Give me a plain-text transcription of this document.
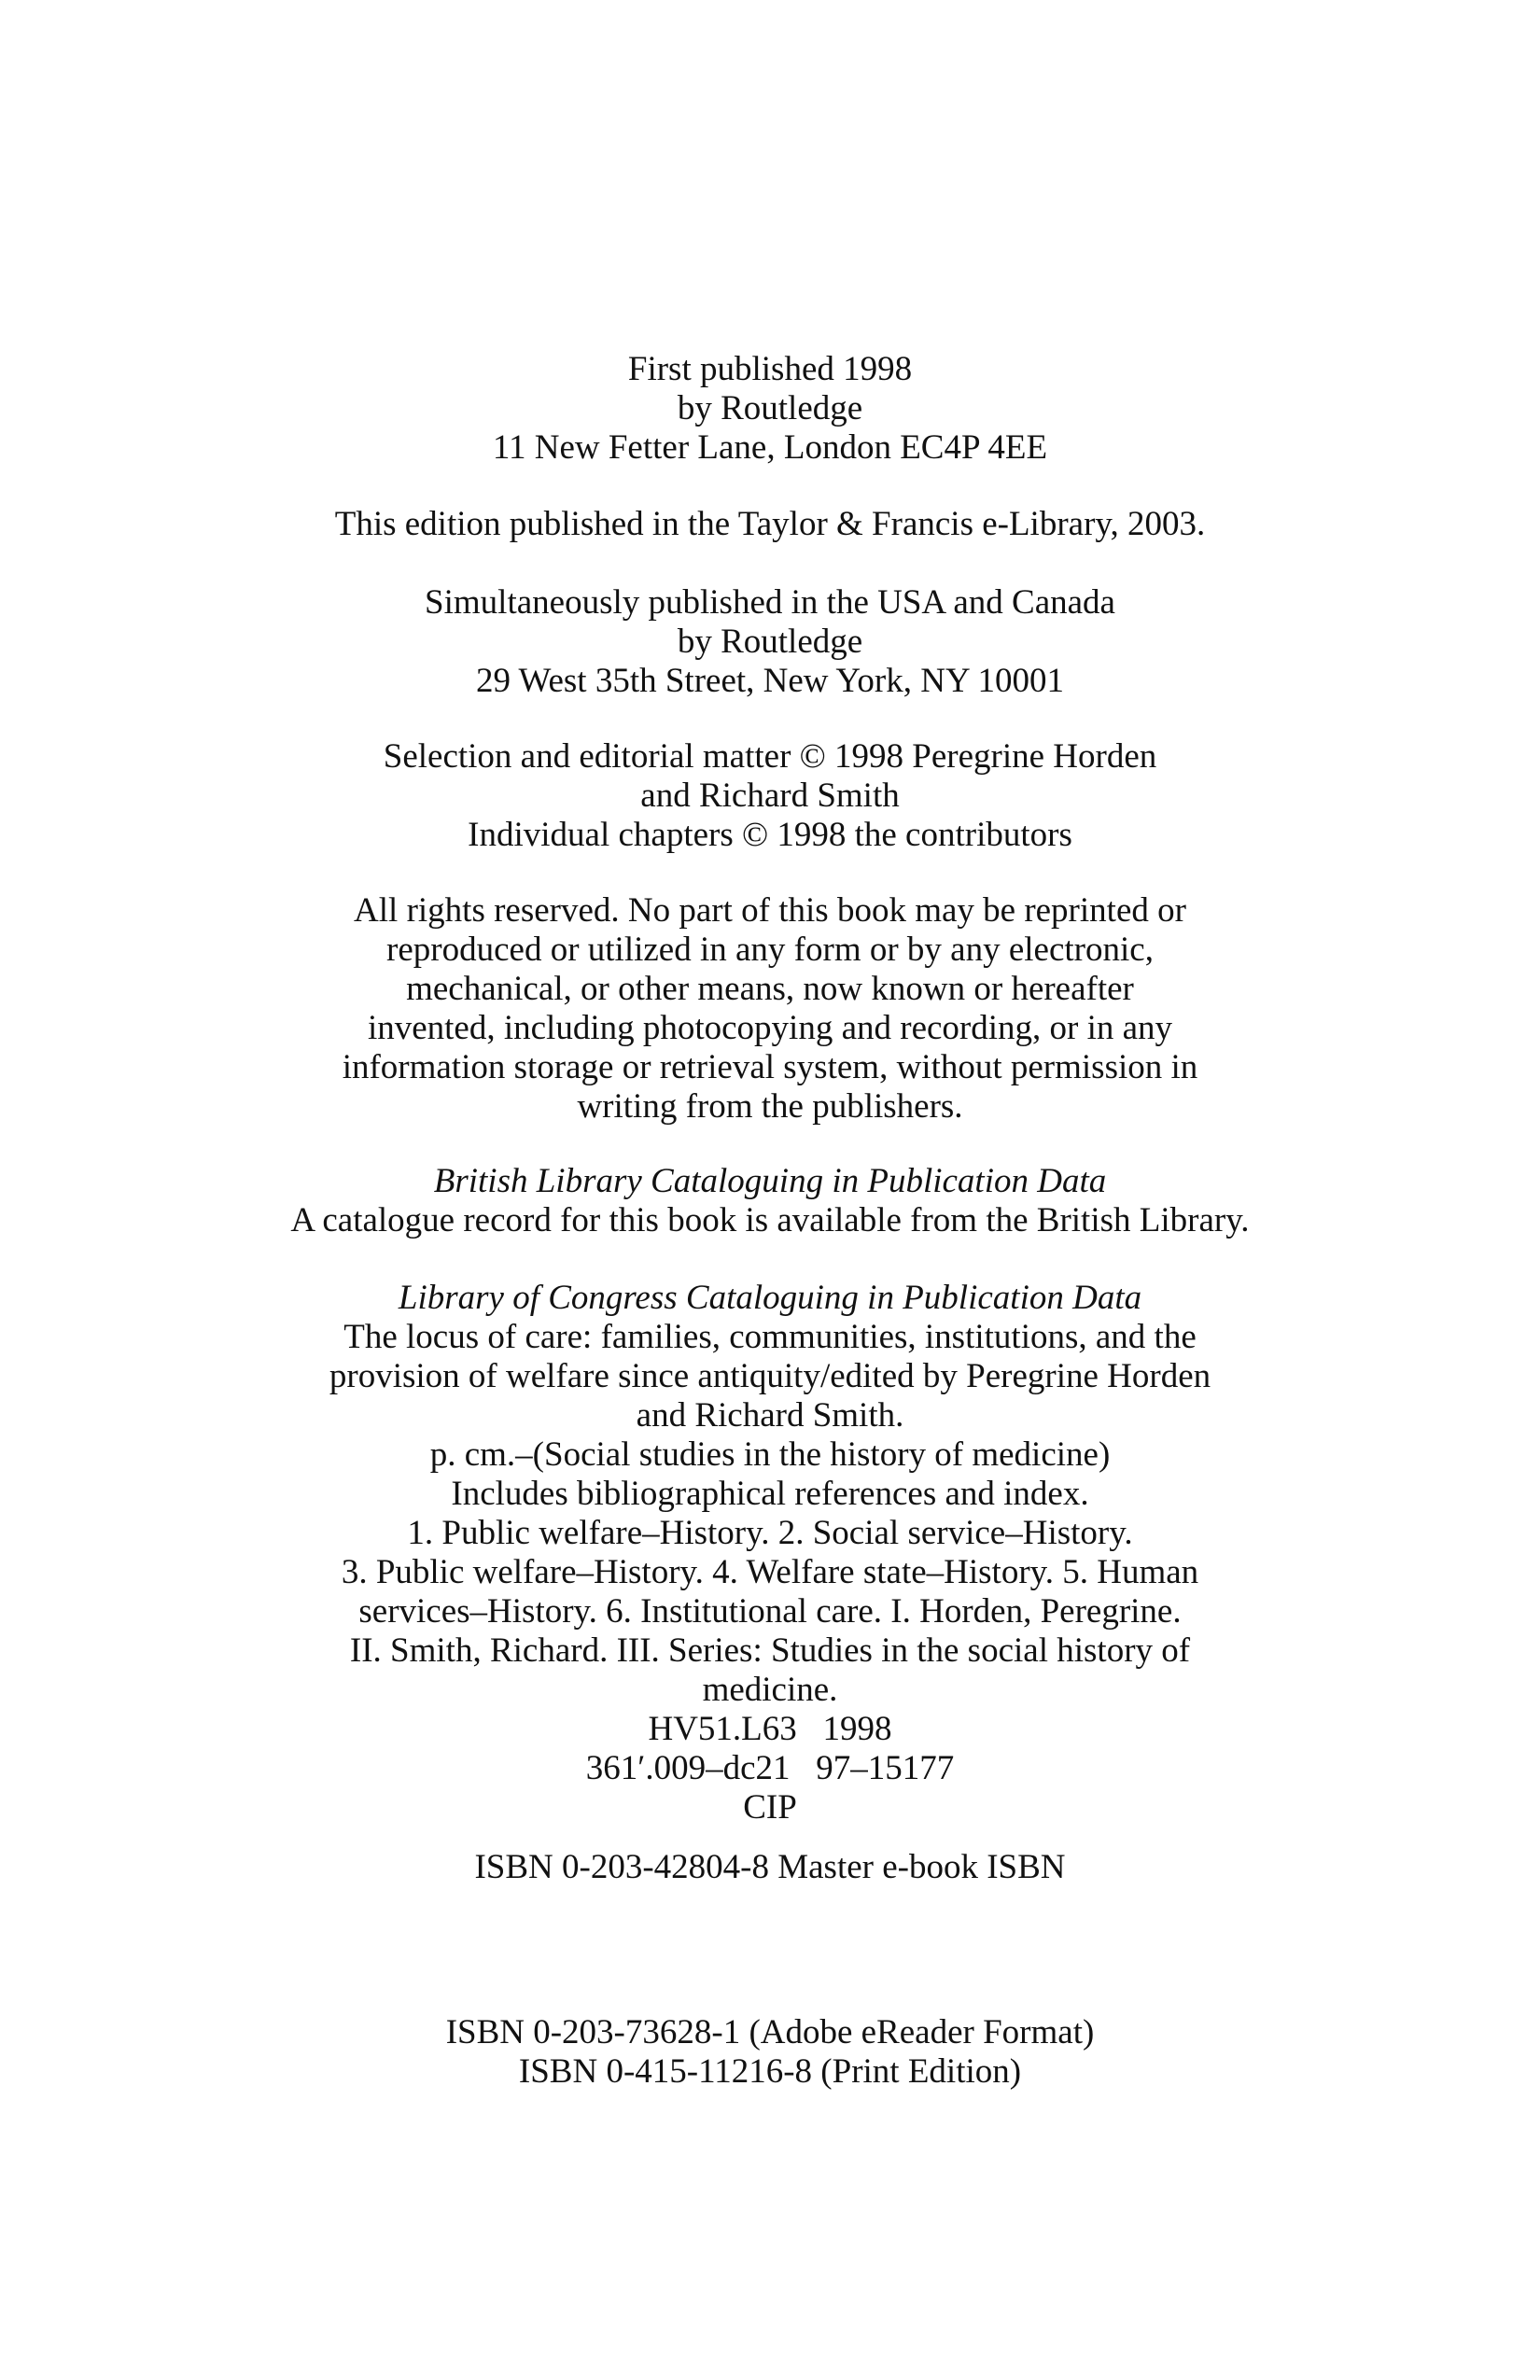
First published 1998
by Routledge
11 New Fetter Lane, London EC4P 4EE
This edition published in the Taylor & Francis e-Library, 2003.
Simultaneously published in the USA and Canada
by Routledge
29 West 35th Street, New York, NY 10001
Selection and editorial matter © 1998 Peregrine Horden
and Richard Smith
Individual chapters © 1998 the contributors
All rights reserved. No part of this book may be reprinted or
reproduced or utilized in any form or by any electronic,
mechanical, or other means, now known or hereafter
invented, including photocopying and recording, or in any
information storage or retrieval system, without permission in
writing from the publishers.
British Library Cataloguing in Publication Data
A catalogue record for this book is available from the British Library.
Library of Congress Cataloguing in Publication Data
The locus of care: families, communities, institutions, and the
provision of welfare since antiquity/edited by Peregrine Horden
and Richard Smith.
p. cm.–(Social studies in the history of medicine)
Includes bibliographical references and index.
1. Public welfare–History. 2. Social service–History.
3. Public welfare–History. 4. Welfare state–History. 5. Human
services–History. 6. Institutional care. I. Horden, Peregrine.
II. Smith, Richard. III. Series: Studies in the social history of
medicine.
HV51.L63   1998
361′.009–dc21   97–15177
CIP
ISBN 0-203-42804-8 Master e-book ISBN
ISBN 0-203-73628-1 (Adobe eReader Format)
ISBN 0-415-11216-8 (Print Edition)
